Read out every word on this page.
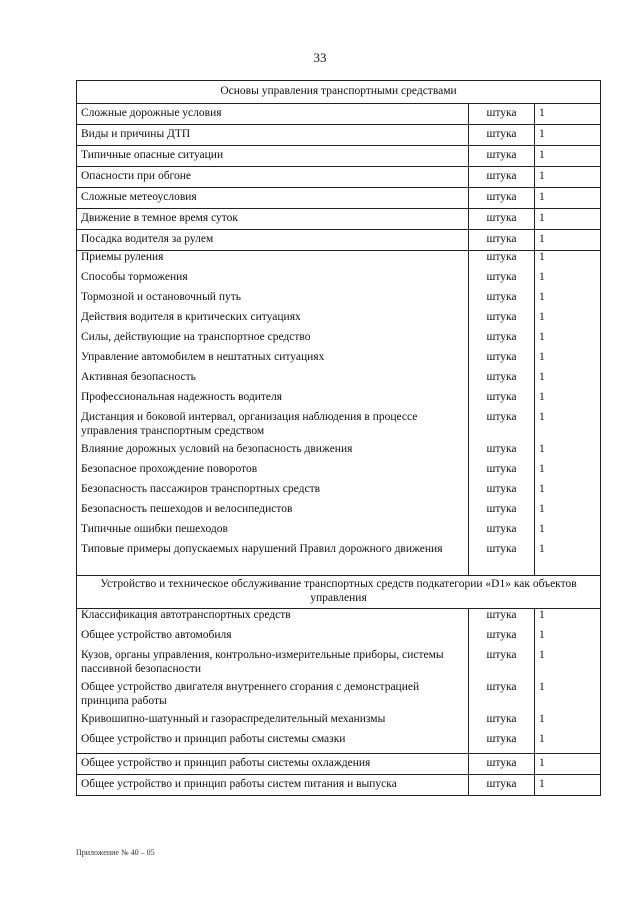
33
Основы управления транспортными средствами		
Сложные дорожные условия	штука	1
Виды и причины ДТП	штука	1
Типичные опасные ситуации	штука	1
Опасности при обгоне	штука	1
Сложные метеоусловия	штука	1
Движение в темное время суток	штука	1
Посадка водителя за рулем	штука	1
Приемы руления	штука	1
Способы торможения	штука	1
Тормозной и остановочный путь	штука	1
Действия водителя в критических ситуациях	штука	1
Силы, действующие на транспортное средство	штука	1
Управление автомобилем в нештатных ситуациях	штука	1
Активная безопасность	штука	1
Профессиональная надежность водителя	штука	1
Дистанция и боковой интервал, организация наблюдения в процессе управления транспортным средством	штука	1
Влияние дорожных условий на безопасность движения	штука	1
Безопасное прохождение поворотов	штука	1
Безопасность пассажиров транспортных средств	штука	1
Безопасность пешеходов и велосипедистов	штука	1
Типичные ошибки пешеходов	штука	1
Типовые примеры допускаемых нарушений Правил дорожного движения	штука	1
Устройство и техническое обслуживание транспортных средств подкатегории «D1» как объектов управления		
Классификация автотранспортных средств	штука	1
Общее устройство автомобиля	штука	1
Кузов, органы управления, контрольно-измерительные приборы, системы пассивной безопасности	штука	1
Общее устройство двигателя внутреннего сгорания с демонстрацией принципа работы	штука	1
Кривошипно-шатунный и газораспределительный механизмы	штука	1
Общее устройство и принцип работы системы смазки	штука	1
Общее устройство и принцип работы системы охлаждения	штука	1
Общее устройство и принцип работы систем питания и выпуска	штука	1
Приложение № 40 – 05
